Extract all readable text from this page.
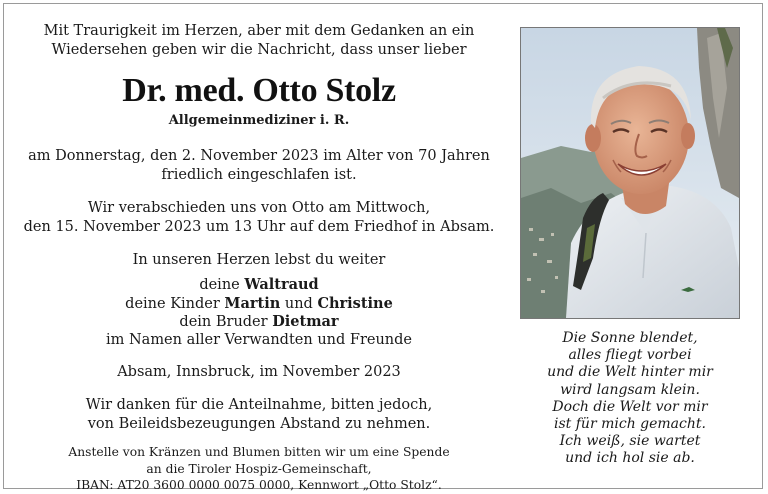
Mit Traurigkeit im Herzen, aber mit dem Gedanken an ein

Wiedersehen geben wir die Nachricht, dass unser lieber

Dr. med. Otto Stolz

Allgemeinmediziner i. R.

am Donnerstag, den 2. November 2023 im Alter von 70 Jahren

friedlich eingeschlafen ist.

Wir verabschieden uns von Otto am Mittwoch,

den 15. November 2023 um 13 Uhr auf dem Friedhof in Absam.

In unseren Herzen lebst du weiter

deine Waltraud

deine Kinder Martin und Christine

dein Bruder Dietmar

im Namen aller Verwandten und Freunde

Absam, Innsbruck, im November 2023

Wir danken für die Anteilnahme, bitten jedoch,

von Beileidsbezeugungen Abstand zu nehmen.

Anstelle von Kränzen und Blumen bitten wir um eine Spende

an die Tiroler Hospiz-Gemeinschaft,

IBAN: AT20 3600 0000 0075 0000, Kennwort „Otto Stolz“.

Die Sonne blendet,
alles fliegt vorbei
und die Welt hinter mir
wird langsam klein.
Doch die Welt vor mir
ist für mich gemacht.
Ich weiß, sie wartet
und ich hol sie ab.
